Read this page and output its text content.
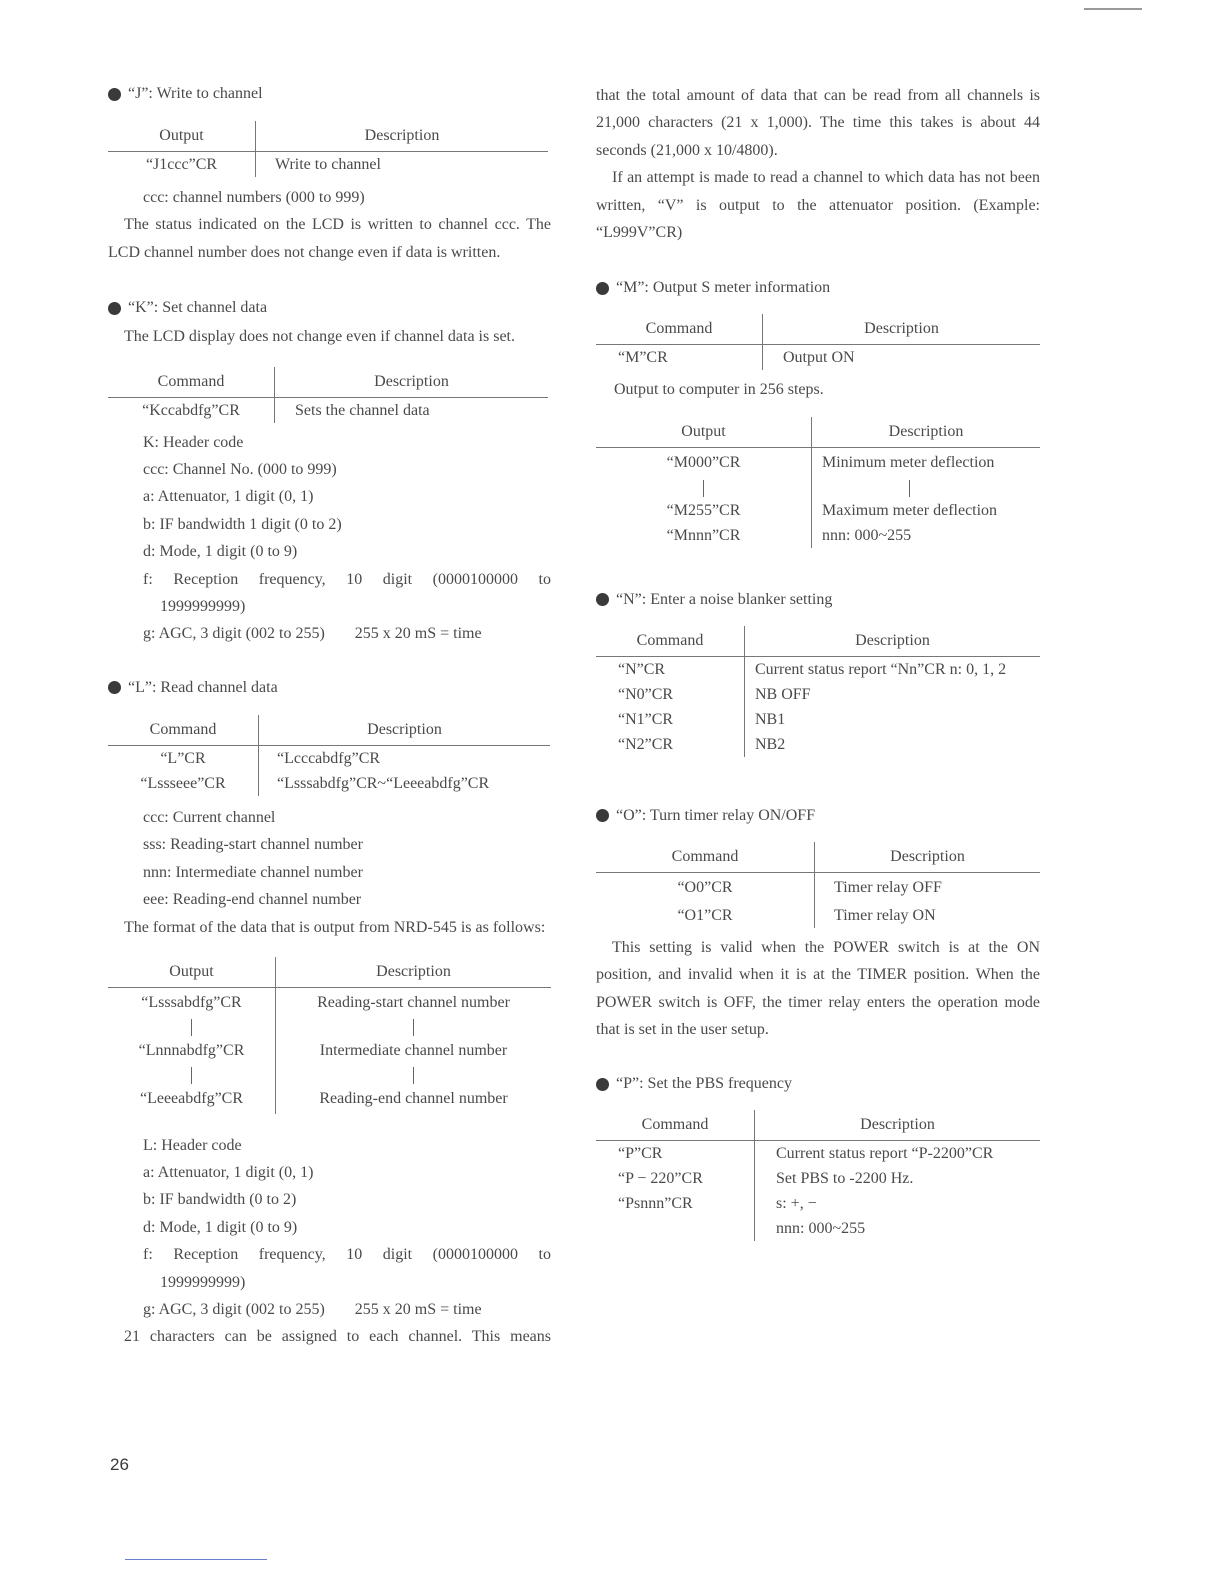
“J”: Write to channel
Output	Description
“J1ccc”CR	Write to channel

ccc: channel numbers (000 to 999)

The status indicated on the LCD is written to channel ccc. The LCD channel number does not change even if data is written.

“K”: Set channel data

The LCD display does not change even if channel data is set.

Command	Description
“Kccabdfg”CR	Sets the channel data

K: Header code

ccc: Channel No. (000 to 999)

a: Attenuator, 1 digit (0, 1)

b: IF bandwidth 1 digit (0 to 2)

d: Mode, 1 digit (0 to 9)

f: Reception frequency, 10 digit (0000100000 to

1999999999)

g: AGC, 3 digit (002 to 255) 255 x 20 mS = time

“L”: Read channel data
Command	Description
“L”CR	“Lcccabdfg”CR
“Lssseee”CR	“Lsssabdfg”CR~“Leeeabdfg”CR

ccc: Current channel

sss: Reading-start channel number

nnn: Intermediate channel number

eee: Reading-end channel number

The format of the data that is output from NRD-545 is as follows:

Output	Description
“Lsssabdfg”CR	Reading-start channel number

“Lnnnabdfg”CR	Intermediate channel number

“Leeeabdfg”CR	Reading-end channel number

L: Header code

a: Attenuator, 1 digit (0, 1)

b: IF bandwidth (0 to 2)

d: Mode, 1 digit (0 to 9)

f: Reception frequency, 10 digit (0000100000 to

1999999999)

g: AGC, 3 digit (002 to 255) 255 x 20 mS = time

21 characters can be assigned to each channel. This means

that the total amount of data that can be read from all channels is 21,000 characters (21 x 1,000). The time this takes is about 44 seconds (21,000 x 10/4800).

If an attempt is made to read a channel to which data has not been written, “V” is output to the attenuator position. (Example: “L999V”CR)

“M”: Output S meter information
Command	Description
“M”CR	Output ON

Output to computer in 256 steps.

Output	Description
“M000”CR	Minimum meter deflection

“M255”CR	Maximum meter deflection
“Mnnn”CR	nnn: 000~255
“N”: Enter a noise blanker setting
Command	Description
“N”CR	Current status report “Nn”CR n: 0, 1, 2
“N0”CR	NB OFF
“N1”CR	NB1
“N2”CR	NB2
“O”: Turn timer relay ON/OFF
Command	Description
“O0”CR	Timer relay OFF
“O1”CR	Timer relay ON

This setting is valid when the POWER switch is at the ON position, and invalid when it is at the TIMER position. When the POWER switch is OFF, the timer relay enters the operation mode that is set in the user setup.

“P”: Set the PBS frequency
Command	Description
“P”CR	Current status report “P-2200”CR
“P − 220”CR	Set PBS to -2200 Hz.
“Psnnn”CR	s: +, −
	nnn: 000~255
26
